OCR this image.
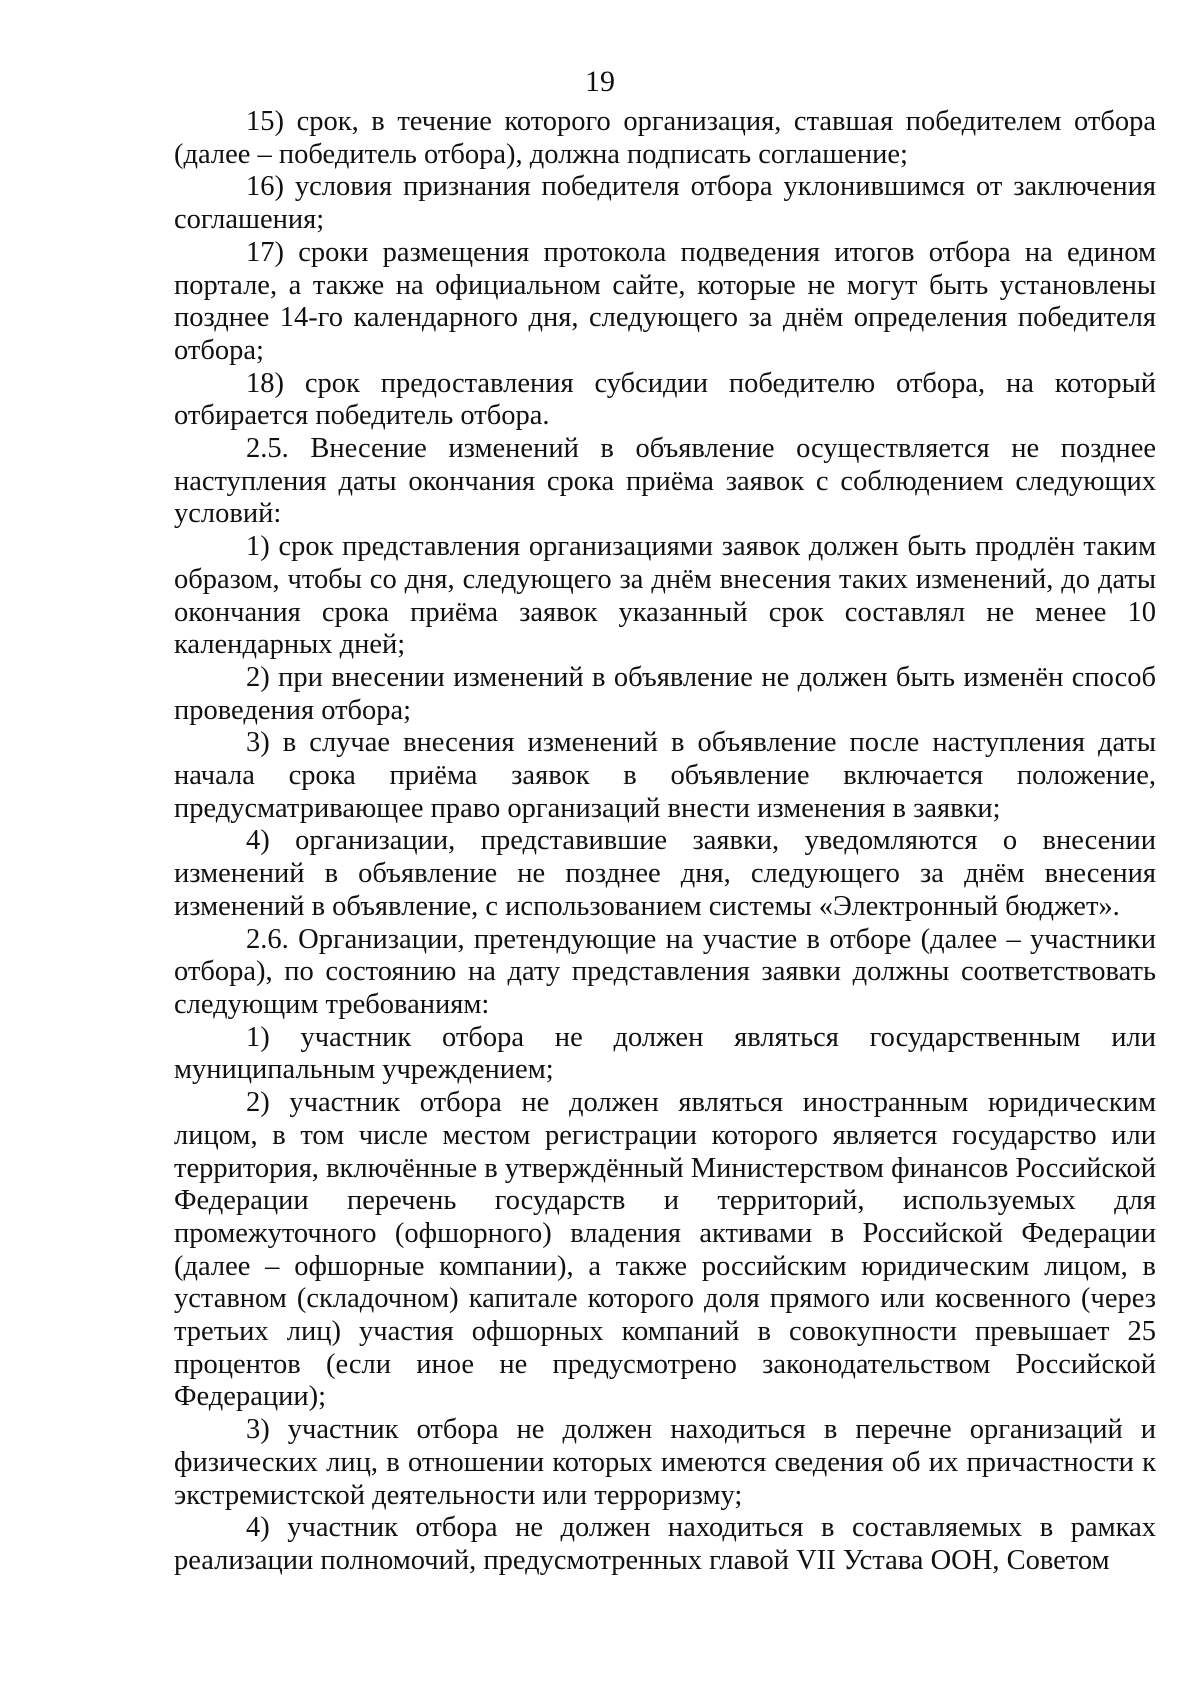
19

15) срок, в течение которого организация, ставшая победителем отбора (далее – победитель отбора), должна подписать соглашение;

16) условия признания победителя отбора уклонившимся от заключения соглашения;

17) сроки размещения протокола подведения итогов отбора на едином портале, а также на официальном сайте, которые не могут быть установлены позднее 14-го календарного дня, следующего за днём определения победителя отбора;

18) срок предоставления субсидии победителю отбора, на который отбирается победитель отбора.

2.5. Внесение изменений в объявление осуществляется не позднее наступления даты окончания срока приёма заявок с соблюдением следующих условий:

1) срок представления организациями заявок должен быть продлён таким образом, чтобы со дня, следующего за днём внесения таких изменений, до даты окончания срока приёма заявок указанный срок составлял не менее 10 календарных дней;

2) при внесении изменений в объявление не должен быть изменён способ проведения отбора;

3) в случае внесения изменений в объявление после наступления даты начала срока приёма заявок в объявление включается положение, предусматривающее право организаций внести изменения в заявки;

4) организации, представившие заявки, уведомляются о внесении изменений в объявление не позднее дня, следующего за днём внесения изменений в объявление, с использованием системы «Электронный бюджет».

2.6. Организации, претендующие на участие в отборе (далее – участники отбора), по состоянию на дату представления заявки должны соответствовать следующим требованиям:

1) участник отбора не должен являться государственным или муниципальным учреждением;

2) участник отбора не должен являться иностранным юридическим лицом, в том числе местом регистрации которого является государство или территория, включённые в утверждённый Министерством финансов Российской Федерации перечень государств и территорий, используемых для промежуточного (офшорного) владения активами в Российской Федерации (далее – офшорные компании), а также российским юридическим лицом, в уставном (складочном) капитале которого доля прямого или косвенного (через третьих лиц) участия офшорных компаний в совокупности превышает 25 процентов (если иное не предусмотрено законодательством Российской Федерации);

3) участник отбора не должен находиться в перечне организаций и физических лиц, в отношении которых имеются сведения об их причастности к экстремистской деятельности или терроризму;

4) участник отбора не должен находиться в составляемых в рамках реализации полномочий, предусмотренных главой VII Устава ООН, Советом
